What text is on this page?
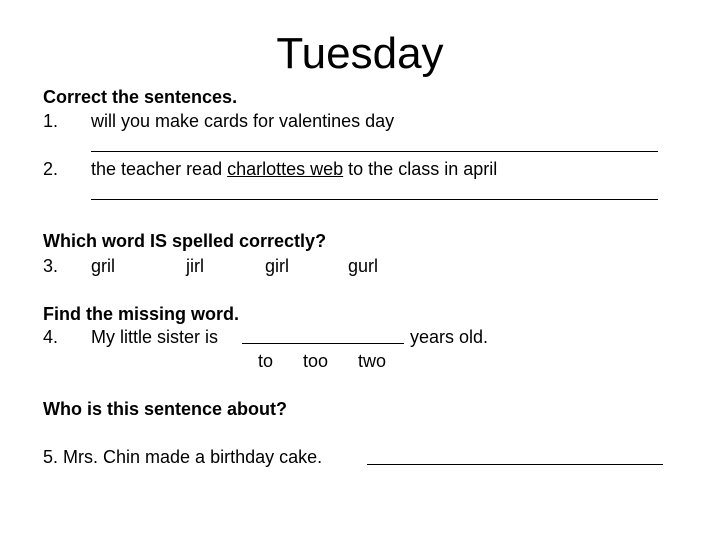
Tuesday
Correct the sentences.
1. will you make cards for valentines day
2. the teacher read charlottes web to the class in april
Which word IS spelled correctly?
3. gril	jirl	girl	gurl
Find the missing word.
4. My little sister is	years old.
to too two
Who is this sentence about?
5. Mrs. Chin made a birthday cake.
